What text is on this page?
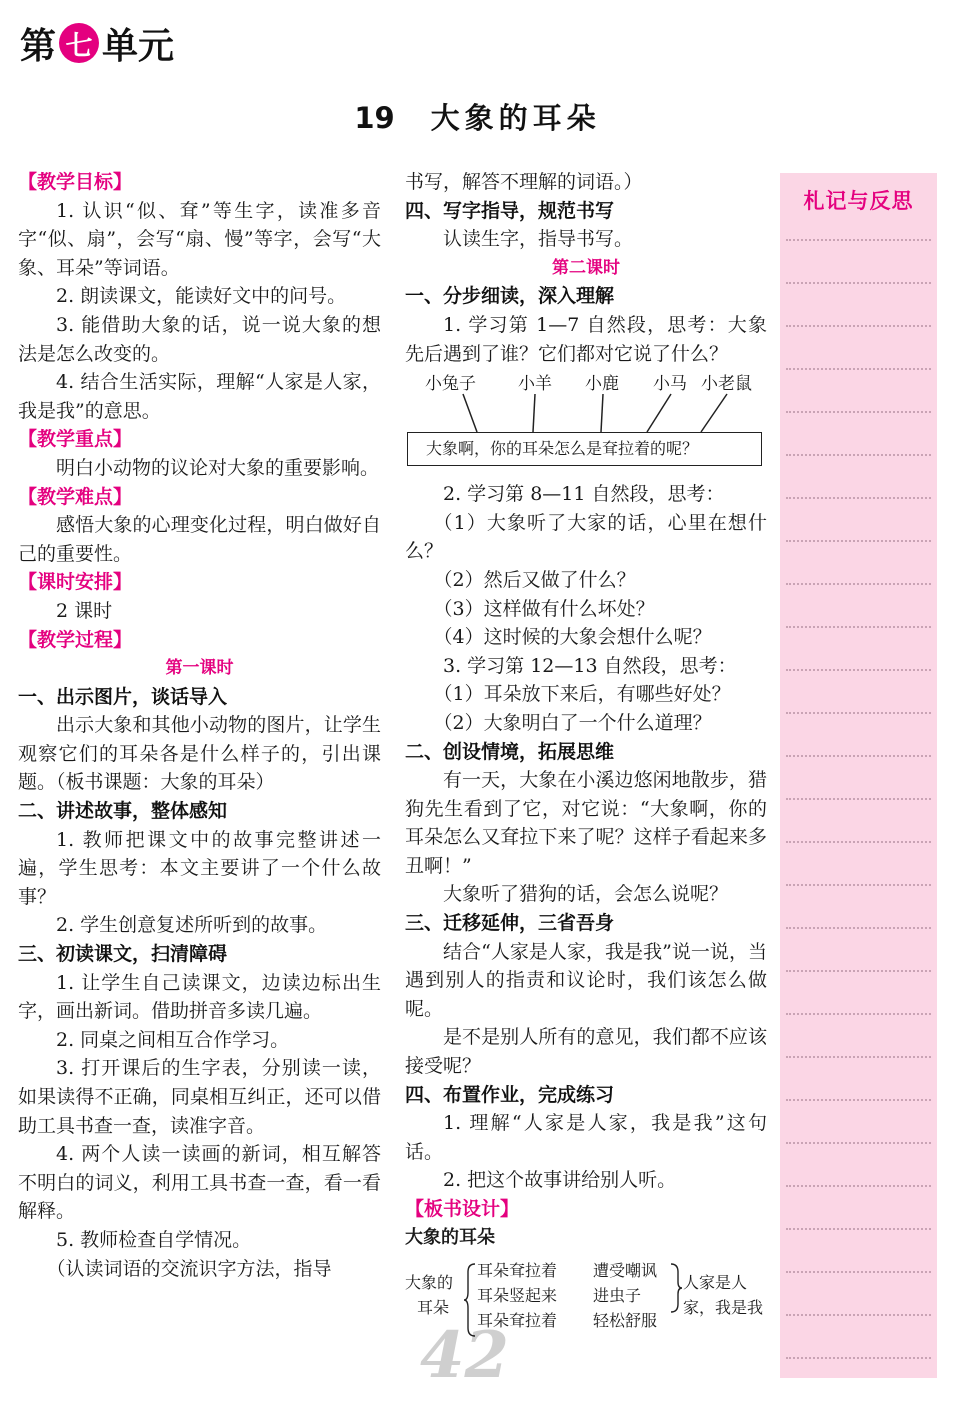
第 七 单元
19 大象的耳朵
42

【教学目标】

1. 认识“似、耷”等生字，读准多音字“似、扇”，会写“扇、慢”等字，会写“大象、耳朵”等词语。

2. 朗读课文，能读好文中的问号。

3. 能借助大象的话，说一说大象的想法是怎么改变的。

4. 结合生活实际，理解“人家是人家，我是我”的意思。

【教学重点】

明白小动物的议论对大象的重要影响。

【教学难点】

感悟大象的心理变化过程，明白做好自己的重要性。

【课时安排】

2 课时

【教学过程】

第一课时

一、出示图片，谈话导入

出示大象和其他小动物的图片，让学生观察它们的耳朵各是什么样子的，引出课题。（板书课题：大象的耳朵）

二、讲述故事，整体感知

1. 教师把课文中的故事完整讲述一遍，学生思考：本文主要讲了一个什么故事？

2. 学生创意复述所听到的故事。

三、初读课文，扫清障碍

1. 让学生自己读课文，边读边标出生字，画出新词。借助拼音多读几遍。

2. 同桌之间相互合作学习。

3. 打开课后的生字表，分别读一读，如果读得不正确，同桌相互纠正，还可以借助工具书查一查，读准字音。

4. 两个人读一读画的新词，相互解答不明白的词义，利用工具书查一查，看一看解释。

5. 教师检查自学情况。

（认读词语的交流识字方法，指导

书写，解答不理解的词语。）

四、写字指导，规范书写

认读生字，指导书写。

第二课时

一、分步细读，深入理解

1. 学习第 1—7 自然段，思考：大象先后遇到了谁？它们都对它说了什么？

小兔子 小羊 小鹿 小马 小老鼠
大象啊，你的耳朵怎么是耷拉着的呢？

2. 学习第 8—11 自然段，思考：

（1）大象听了大家的话，心里在想什么？

（2）然后又做了什么？

（3）这样做有什么坏处？

（4）这时候的大象会想什么呢？

3. 学习第 12—13 自然段，思考：

（1）耳朵放下来后，有哪些好处？

（2）大象明白了一个什么道理？

二、创设情境，拓展思维

有一天，大象在小溪边悠闲地散步，猎狗先生看到了它，对它说：“大象啊，你的耳朵怎么又耷拉下来了呢？这样子看起来多丑啊！”

大象听了猎狗的话，会怎么说呢？

三、迁移延伸，三省吾身

结合“人家是人家，我是我”说一说，当遇到别人的指责和议论时，我们该怎么做呢。

是不是别人所有的意见，我们都不应该接受呢？

四、布置作业，完成练习

1. 理解“人家是人家，我是我”这句话。

2. 把这个故事讲给别人听。

【板书设计】

大象的耳朵

大象的
耳朵
耳朵耷拉着 遭受嘲讽
耳朵竖起来 进虫子
耳朵耷拉着 轻松舒服
人家是人
家，我是我
札记与反思
